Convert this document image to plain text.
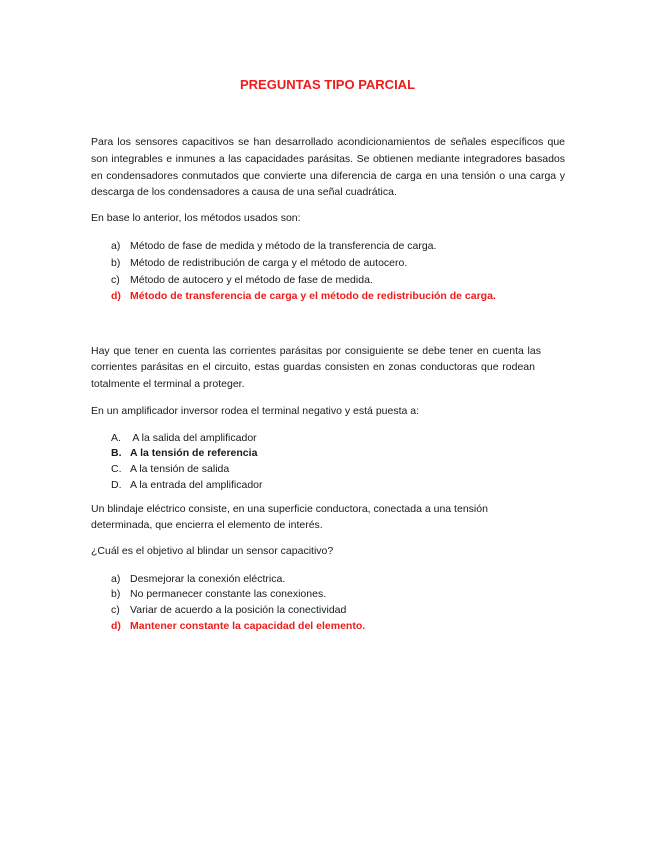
PREGUNTAS TIPO PARCIAL
Para los sensores capacitivos se han desarrollado acondicionamientos de señales específicos que
son integrables e inmunes a las capacidades parásitas. Se obtienen mediante integradores basados
en condensadores conmutados que convierte una diferencia de carga en una tensión o una carga y
descarga de los condensadores a causa de una señal cuadrática.
En base lo anterior, los métodos usados son:
a) Método de fase de medida y método de la transferencia de carga.
b) Método de redistribución de carga y el método de autocero.
c) Método de autocero y el método de fase de medida.
d) Método de transferencia de carga y el método de redistribución de carga.
Hay que tener en cuenta las corrientes parásitas por consiguiente se debe tener en cuenta las
corrientes parásitas en el circuito, estas guardas consisten en zonas conductoras que rodean
totalmente el terminal a proteger.
En un amplificador inversor rodea el terminal negativo y está puesta a:
A. A la salida del amplificador
B. A la tensión de referencia
C. A la tensión de salida
D. A la entrada del amplificador
Un blindaje eléctrico consiste, en una superficie conductora, conectada a una tensión
determinada, que encierra el elemento de interés.
¿Cuál es el objetivo al blindar un sensor capacitivo?
a) Desmejorar la conexión eléctrica.
b) No permanecer constante las conexiones.
c) Variar de acuerdo a la posición la conectividad
d) Mantener constante la capacidad del elemento.
